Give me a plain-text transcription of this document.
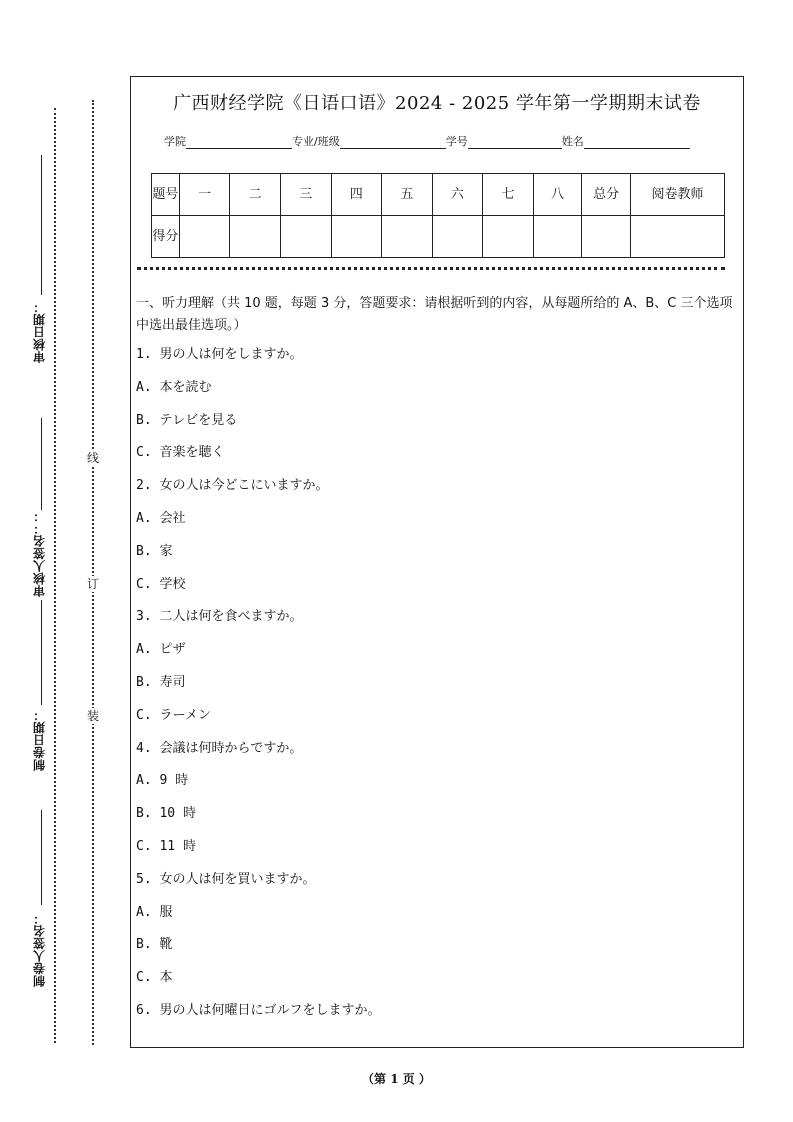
审核日期：
审核人签名：：
制卷日期：
制卷人签名：
线
订
装
广西财经学院《日语口语》2024 - 2025 学年第一学期期末试卷
学院	专业/班级	学号	姓名
题号	一	二	三	四	五	六	七	八	总分	阅卷教师
得分										
一、听力理解（共 10 题，每题 3 分，答题要求：请根据听到的内容，从每题所给的 A、B、C 三个选项中选出最佳选项。）
1. 男の人は何をしますか。
A. 本を読む
B. テレビを見る
C. 音楽を聴く
2. 女の人は今どこにいますか。
A. 会社
B. 家
C. 学校
3. 二人は何を食べますか。
A. ピザ
B. 寿司
C. ラーメン
4. 会議は何時からですか。
A. 9 時
B. 10 時
C. 11 時
5. 女の人は何を買いますか。
A. 服
B. 靴
C. 本
6. 男の人は何曜日にゴルフをしますか。
（第 1 页 ）
